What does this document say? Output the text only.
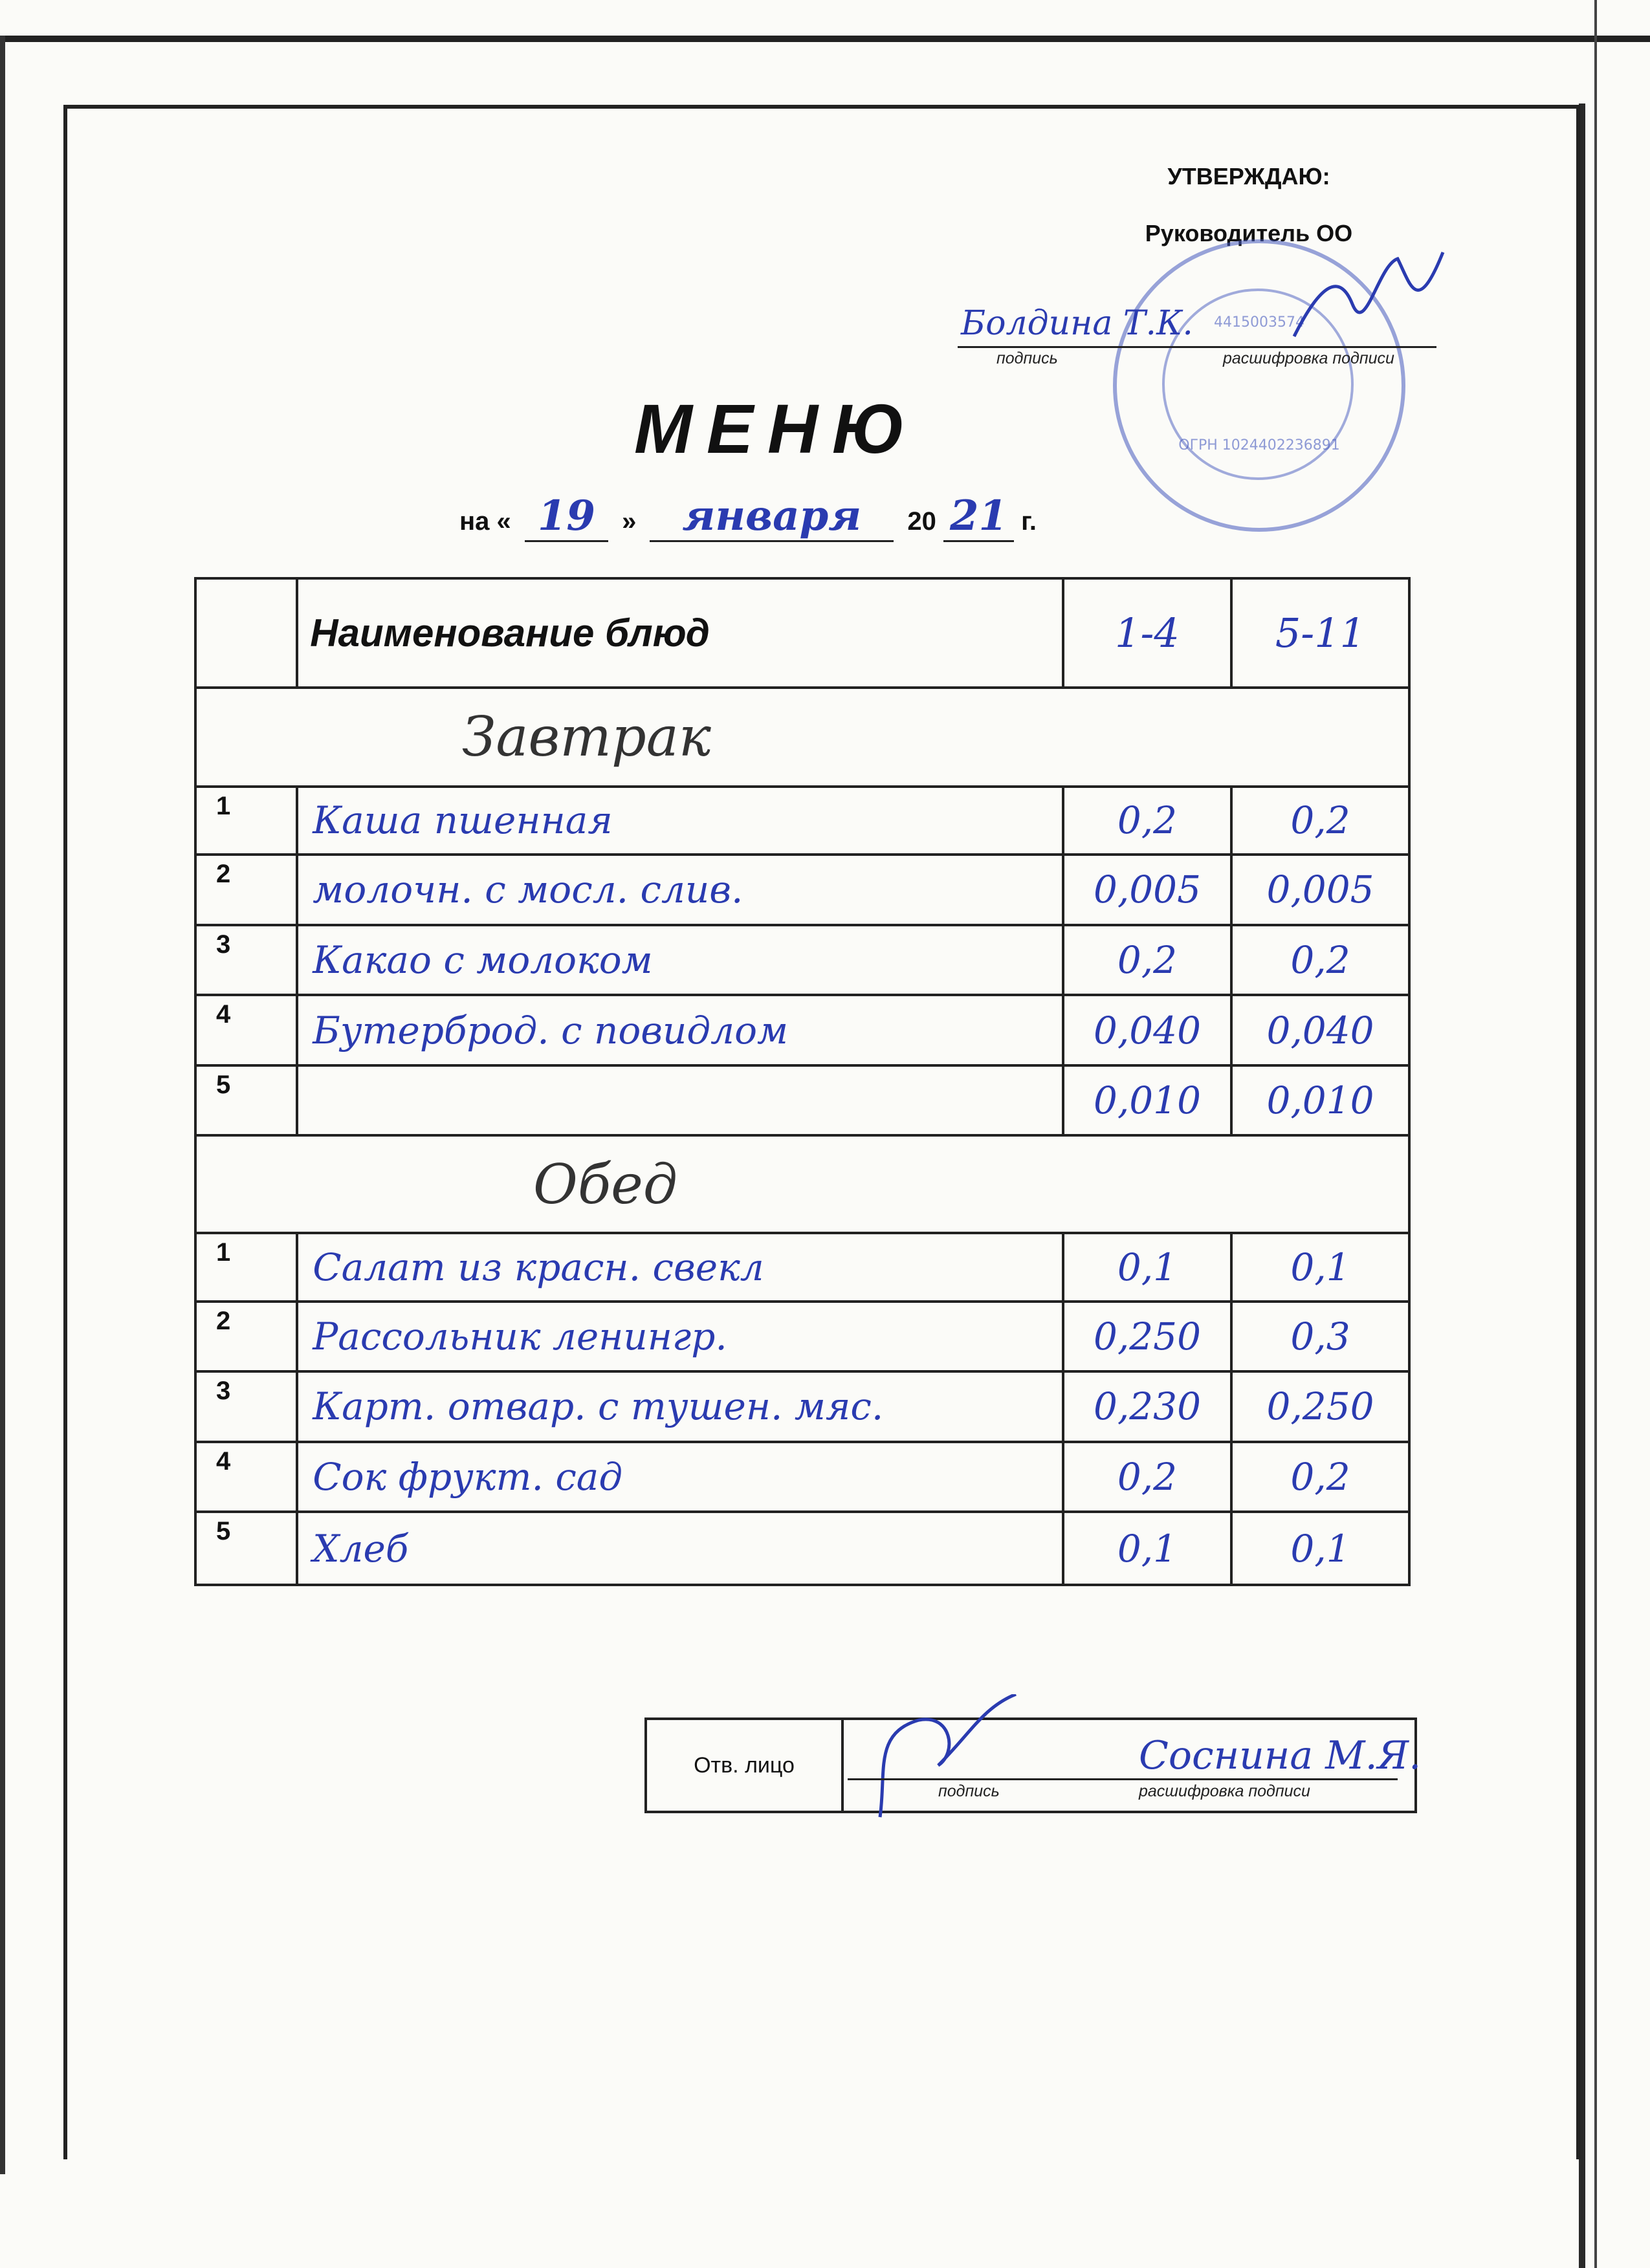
УТВЕРЖДАЮ:
Руководитель ОО
4415003574
ОГРН 1024402236891
Болдина Т.К.
подпись	расшифровка подписи
МЕНЮ
на « 19 » января 20 21 г.
	Наименование блюд	1-4	5-11
Завтрак			
1	Каша пшенная	0,2	0,2
2	молочн. с мосл. слив.	0,005	0,005
3	Какао с молоком	0,2	0,2
4	Бутерброд. с повидлом	0,040	0,040
5		0,010	0,010
Обед			
1	Салат из красн. свекл	0,1	0,1
2	Рассольник ленингр.	0,250	0,3
3	Карт. отвар. с тушен. мяс.	0,230	0,250
4	Сок фрукт. сад	0,2	0,2
5	Хлеб	0,1	0,1
Отв. лицо	Соснина М.Я.
подпись	расшифровка подписи
